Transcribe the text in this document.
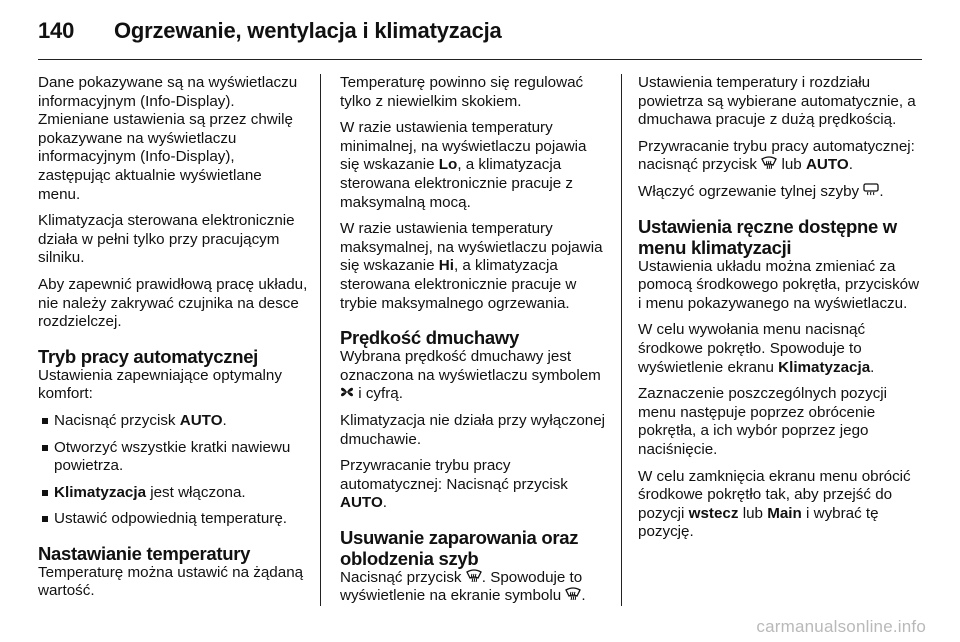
140 Ogrzewanie, wentylacja i klimatyzacja

Dane pokazywane są na wyświetlaczu informacyjnym (Info-Display). Zmieniane ustawienia są przez chwilę pokazywane na wyświetlaczu informacyjnym (Info-Display), zastępując aktualnie wyświetlane menu.

Klimatyzacja sterowana elektronicznie działa w pełni tylko przy pracującym silniku.

Aby zapewnić prawidłową pracę układu, nie należy zakrywać czujnika na desce rozdzielczej.

Tryb pracy automatycznej

Ustawienia zapewniające optymalny komfort:

Nacisnąć przycisk AUTO.
Otworzyć wszystkie kratki nawiewu powietrza.
Klimatyzacja jest włączona.
Ustawić odpowiednią temperaturę.
Nastawianie temperatury

Temperaturę można ustawić na żądaną wartość.

Temperaturę powinno się regulować tylko z niewielkim skokiem.

W razie ustawienia temperatury minimalnej, na wyświetlaczu pojawia się wskazanie Lo, a klimatyzacja sterowana elektronicznie pracuje z maksymalną mocą.

W razie ustawienia temperatury maksymalnej, na wyświetlaczu pojawia się wskazanie Hi, a klimatyzacja sterowana elektronicznie pracuje w trybie maksymalnego ogrzewania.

Prędkość dmuchawy

Wybrana prędkość dmuchawy jest oznaczona na wyświetlaczu symbolem  i cyfrą.

Klimatyzacja nie działa przy wyłączonej dmuchawie.

Przywracanie trybu pracy automatycznej: Nacisnąć przycisk AUTO.

Usuwanie zaparowania oraz oblodzenia szyb

Nacisnąć przycisk . Spowoduje to wyświetlenie na ekranie symbolu .

Ustawienia temperatury i rozdziału powietrza są wybierane automatycznie, a dmuchawa pracuje z dużą prędkością.

Przywracanie trybu pracy automatycznej: nacisnąć przycisk  lub AUTO.

Włączyć ogrzewanie tylnej szyby .

Ustawienia ręczne dostępne w menu klimatyzacji

Ustawienia układu można zmieniać za pomocą środkowego pokrętła, przycisków i menu pokazywanego na wyświetlaczu.

W celu wywołania menu nacisnąć środkowe pokrętło. Spowoduje to wyświetlenie ekranu Klimatyzacja.

Zaznaczenie poszczególnych pozycji menu następuje poprzez obrócenie pokrętła, a ich wybór poprzez jego naciśnięcie.

W celu zamknięcia ekranu menu obrócić środkowe pokrętło tak, aby przejść do pozycji wstecz lub Main i wybrać tę pozycję.

carmanualsonline.info
